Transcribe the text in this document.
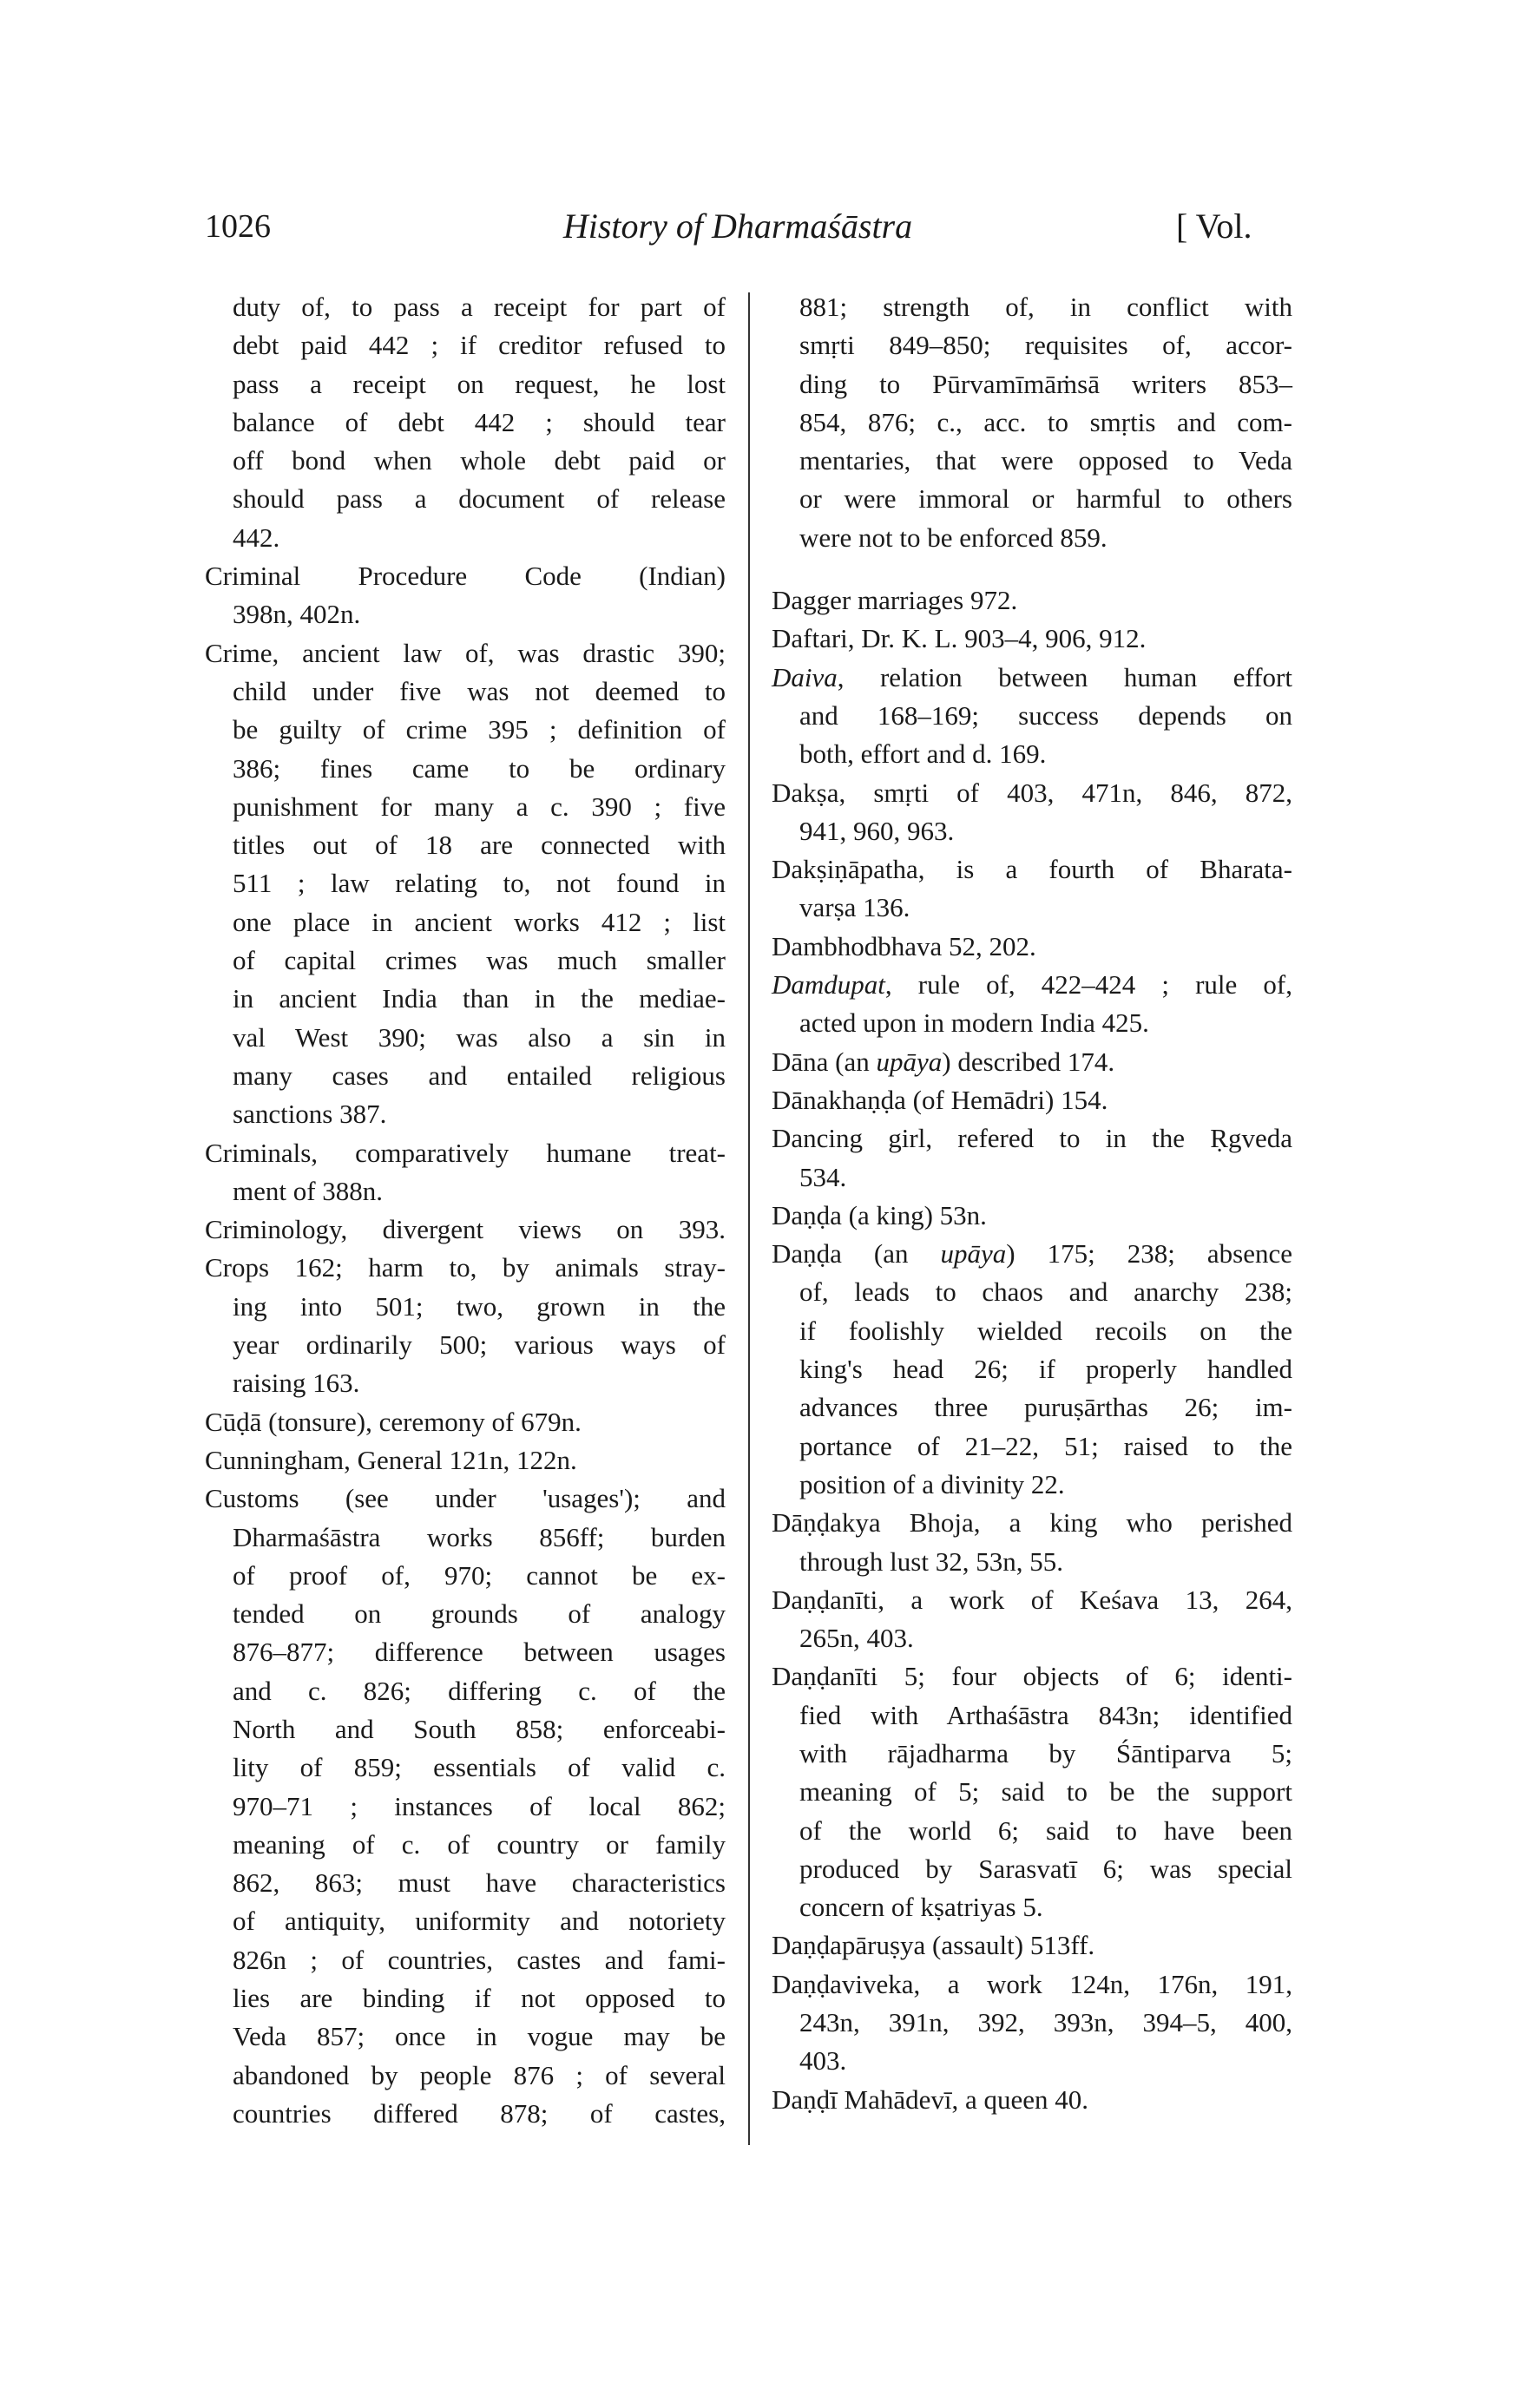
1026	History of Dharmaśāstra	[ Vol.
duty of, to pass a receipt for part of
debt paid 442 ; if creditor refused to
pass a receipt on request, he lost
balance of debt 442 ; should tear
off bond when whole debt paid or
should pass a document of release
442.
Criminal Procedure Code (Indian)
398n, 402n.
Crime, ancient law of, was drastic 390;
child under five was not deemed to
be guilty of crime 395 ; definition of
386; fines came to be ordinary
punishment for many a c. 390 ; five
titles out of 18 are connected with
511 ; law relating to, not found in
one place in ancient works 412 ; list
of capital crimes was much smaller
in ancient India than in the mediae-
val West 390; was also a sin in
many cases and entailed religious
sanctions 387.
Criminals, comparatively humane treat-
ment of 388n.
Criminology, divergent views on 393.
Crops 162; harm to, by animals stray-
ing into 501; two, grown in the
year ordinarily 500; various ways of
raising 163.
Cūḍā (tonsure), ceremony of 679n.
Cunningham, General 121n, 122n.
Customs (see under 'usages'); and
Dharmaśāstra works 856ff; burden
of proof of, 970; cannot be ex-
tended on grounds of analogy
876–877; difference between usages
and c. 826; differing c. of the
North and South 858; enforceabi-
lity of 859; essentials of valid c.
970–71 ; instances of local 862;
meaning of c. of country or family
862, 863; must have characteristics
of antiquity, uniformity and notoriety
826n ; of countries, castes and fami-
lies are binding if not opposed to
Veda 857; once in vogue may be
abandoned by people 876 ; of several
countries differed 878; of castes,
881; strength of, in conflict with
smṛti 849–850; requisites of, accor-
ding to Pūrvamīmāṁsā writers 853–
854, 876; c., acc. to smṛtis and com-
mentaries, that were opposed to Veda
or were immoral or harmful to others
were not to be enforced 859.
Dagger marriages 972.
Daftari, Dr. K. L. 903–4, 906, 912.
Daiva, relation between human effort
and 168–169; success depends on
both, effort and d. 169.
Dakṣa, smṛti of 403, 471n, 846, 872,
941, 960, 963.
Dakṣiṇāpatha, is a fourth of Bharata-
varṣa 136.
Dambhodbhava 52, 202.
Damdupat, rule of, 422–424 ; rule of,
acted upon in modern India 425.
Dāna (an upāya) described 174.
Dānakhaṇḍa (of Hemādri) 154.
Dancing girl, refered to in the Ṛgveda
534.
Daṇḍa (a king) 53n.
Daṇḍa (an upāya) 175; 238; absence
of, leads to chaos and anarchy 238;
if foolishly wielded recoils on the
king's head 26; if properly handled
advances three puruṣārthas 26; im-
portance of 21–22, 51; raised to the
position of a divinity 22.
Dāṇḍakya Bhoja, a king who perished
through lust 32, 53n, 55.
Daṇḍanīti, a work of Keśava 13, 264,
265n, 403.
Daṇḍanīti 5; four objects of 6; identi-
fied with Arthaśāstra 843n; identified
with rājadharma by Śāntiparva 5;
meaning of 5; said to be the support
of the world 6; said to have been
produced by Sarasvatī 6; was special
concern of kṣatriyas 5.
Daṇḍapāruṣya (assault) 513ff.
Daṇḍaviveka, a work 124n, 176n, 191,
243n, 391n, 392, 393n, 394–5, 400,
403.
Daṇḍī Mahādevī, a queen 40.
